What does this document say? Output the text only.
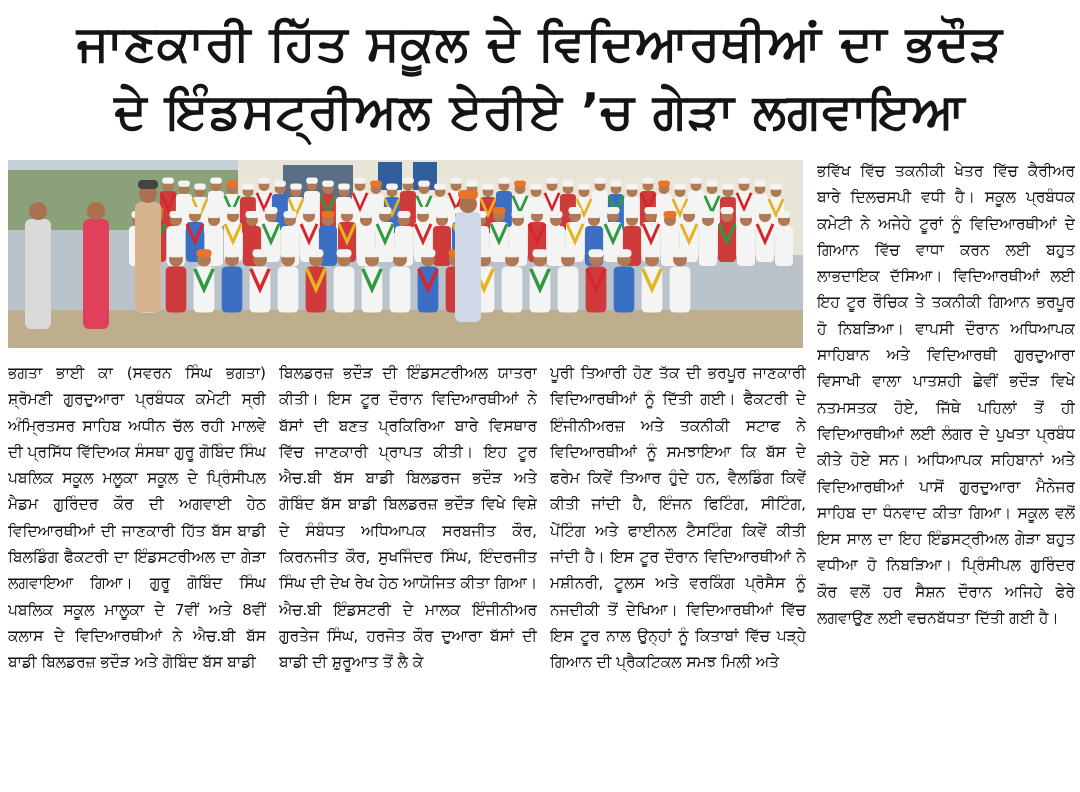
ਜਾਣਕਾਰੀ ਹਿੱਤ ਸਕੂਲ ਦੇ ਵਿਦਿਆਰਥੀਆਂ ਦਾ ਭਦੌੜ
ਦੇ ਇੰਡਸਟ੍ਰੀਅਲ ਏਰੀਏ ’ਚ ਗੇੜਾ ਲਗਵਾਇਆ

ਭਗਤਾ ਭਾਈ ਕਾ (ਸਵਰਨ ਸਿੰਘ ਭਗਤਾ) ਸ਼੍ਰੋਮਣੀ ਗੁਰਦੁਆਰਾ ਪ੍ਰਬੰਧਕ ਕਮੇਟੀ ਸ੍ਰੀ ਅੰਮ੍ਰਿਤਸਰ ਸਾਹਿਬ ਅਧੀਨ ਚੱਲ ਰਹੀ ਮਾਲਵੇ ਦੀ ਪ੍ਰਸਿੱਧ ਵਿੱਦਿਅਕ ਸੰਸਥਾ ਗੁਰੂ ਗੋਬਿੰਦ ਸਿੰਘ ਪਬਲਿਕ ਸਕੂਲ ਮਲੂਕਾ ਸਕੂਲ ਦੇ ਪ੍ਰਿੰਸੀਪਲ ਮੈਡਮ ਗੁਰਿੰਦਰ ਕੌਰ ਦੀ ਅਗਵਾਈ ਹੇਠ ਵਿਦਿਆਰਥੀਆਂ ਦੀ ਜਾਣਕਾਰੀ ਹਿੱਤ ਬੱਸ ਬਾਡੀ ਬਿਲਡਿੰਗ ਫੈਕਟਰੀ ਦਾ ਇੰਡਸਟਰੀਅਲ ਦਾ ਗੇੜਾ ਲਗਵਾਇਆ ਗਿਆ। ਗੁਰੂ ਗੋਬਿੰਦ ਸਿੰਘ ਪਬਲਿਕ ਸਕੂਲ ਮਾਲੂਕਾ ਦੇ 7ਵੀਂ ਅਤੇ 8ਵੀਂ ਕਲਾਸ ਦੇ ਵਿਦਿਆਰਥੀਆਂ ਨੇ ਐਚ.ਬੀ ਬੱਸ ਬਾਡੀ ਬਿਲਡਰਜ਼ ਭਦੌੜ ਅਤੇ ਗੋਬਿੰਦ ਬੱਸ ਬਾਡੀ

ਬਿਲਡਰਜ਼ ਭਦੌੜ ਦੀ ਇੰਡਸਟਰੀਅਲ ਯਾਤਰਾ ਕੀਤੀ। ਇਸ ਟੂਰ ਦੌਰਾਨ ਵਿਦਿਆਰਥੀਆਂ ਨੇ ਬੱਸਾਂ ਦੀ ਬਣਤ ਪ੍ਰਕਿਰਿਆ ਬਾਰੇ ਵਿਸਥਾਰ ਵਿੱਚ ਜਾਣਕਾਰੀ ਪ੍ਰਾਪਤ ਕੀਤੀ। ਇਹ ਟੂਰ ਐਚ.ਬੀ ਬੱਸ ਬਾਡੀ ਬਿਲਡਰਜ ਭਦੌੜ ਅਤੇ ਗੋਬਿੰਦ ਬੱਸ ਬਾਡੀ ਬਿਲਡਰਜ਼ ਭਦੌੜ ਵਿਖੇ ਵਿਸ਼ੇ ਦੇ ਸੰਬੰਧਤ ਅਧਿਆਪਕ ਸਰਬਜੀਤ ਕੌਰ, ਕਿਰਨਜੀਤ ਕੌਰ, ਸੁਖਜਿੰਦਰ ਸਿੰਘ, ਇੰਦਰਜੀਤ ਸਿੰਘ ਦੀ ਦੇਖ ਰੇਖ ਹੇਠ ਆਯੋਜਿਤ ਕੀਤਾ ਗਿਆ। ਐਚ.ਬੀ ਇੰਡਸਟਰੀ ਦੇ ਮਾਲਕ ਇੰਜੀਨੀਅਰ ਗੁਰਤੇਜ ਸਿੰਘ, ਹਰਜੋਤ ਕੌਰ ਦੁਆਰਾ ਬੱਸਾਂ ਦੀ ਬਾਡੀ ਦੀ ਸ਼ੁਰੂਆਤ ਤੋਂ ਲੈ ਕੇ

ਪੂਰੀ ਤਿਆਰੀ ਹੋਣ ਤੱਕ ਦੀ ਭਰਪੂਰ ਜਾਣਕਾਰੀ ਵਿਦਿਆਰਥੀਆਂ ਨੂੰ ਦਿੱਤੀ ਗਈ। ਫੈਕਟਰੀ ਦੇ ਇੰਜੀਨੀਅਰਜ਼ ਅਤੇ ਤਕਨੀਕੀ ਸਟਾਫ ਨੇ ਵਿਦਿਆਰਥੀਆਂ ਨੂੰ ਸਮਝਾਇਆ ਕਿ ਬੱਸ ਦੇ ਫਰੇਮ ਕਿਵੇਂ ਤਿਆਰ ਹੁੰਦੇ ਹਨ, ਵੈਲਡਿੰਗ ਕਿਵੇਂ ਕੀਤੀ ਜਾਂਦੀ ਹੈ, ਇੰਜਨ ਫਿਟਿੰਗ, ਸੀਟਿੰਗ, ਪੇਂਟਿੰਗ ਅਤੇ ਫਾਈਨਲ ਟੈਸਟਿੰਗ ਕਿਵੇਂ ਕੀਤੀ ਜਾਂਦੀ ਹੈ। ਇਸ ਟੂਰ ਦੌਰਾਨ ਵਿਦਿਆਰਥੀਆਂ ਨੇ ਮਸ਼ੀਨਰੀ, ਟੂਲਸ ਅਤੇ ਵਰਕਿੰਗ ਪ੍ਰੋਸੈਸ ਨੂੰ ਨਜਦੀਕੀ ਤੋਂ ਦੇਖਿਆ। ਵਿਦਿਆਰਥੀਆਂ ਵਿੱਚ ਇਸ ਟੂਰ ਨਾਲ ਉਨ੍ਹਾਂ ਨੂੰ ਕਿਤਾਬਾਂ ਵਿੱਚ ਪੜ੍ਹੇ ਗਿਆਨ ਦੀ ਪ੍ਰੈਕਟਿਕਲ ਸਮਝ ਮਿਲੀ ਅਤੇ

ਭਵਿੱਖ ਵਿੱਚ ਤਕਨੀਕੀ ਖੇਤਰ ਵਿੱਚ ਕੈਰੀਅਰ ਬਾਰੇ ਦਿਲਚਸਪੀ ਵਧੀ ਹੈ। ਸਕੂਲ ਪ੍ਰਬੰਧਕ ਕਮੇਟੀ ਨੇ ਅਜੇਹੇ ਟੂਰਾਂ ਨੂੰ ਵਿਦਿਆਰਥੀਆਂ ਦੇ ਗਿਆਨ ਵਿੱਚ ਵਾਧਾ ਕਰਨ ਲਈ ਬਹੁਤ ਲਾਭਦਾਇਕ ਦੱਸਿਆ। ਵਿਦਿਆਰਥੀਆਂ ਲਈ ਇਹ ਟੂਰ ਰੌਚਿਕ ਤੇ ਤਕਨੀਕੀ ਗਿਆਨ ਭਰਪੂਰ ਹੋ ਨਿਬੜਿਆ। ਵਾਪਸੀ ਦੌਰਾਨ ਅਧਿਆਪਕ ਸਾਹਿਬਾਨ ਅਤੇ ਵਿਦਿਆਰਥੀ ਗੁਰਦੁਆਰਾ ਵਿਸਾਖੀ ਵਾਲਾ ਪਾਤਸ਼ਹੀ ਛੇਵੀਂ ਭਦੌੜ ਵਿਖੇ ਨਤਮਸਤਕ ਹੋਏ, ਜਿੱਥੇ ਪਹਿਲਾਂ ਤੋਂ ਹੀ ਵਿਦਿਆਰਥੀਆਂ ਲਈ ਲੰਗਰ ਦੇ ਪੁਖਤਾ ਪ੍ਰਬੰਧ ਕੀਤੇ ਹੋਏ ਸਨ। ਅਧਿਆਪਕ ਸਹਿਬਾਨਾਂ ਅਤੇ ਵਿਦਿਆਰਥੀਆਂ ਪਾਸੋਂ ਗੁਰਦੁਆਰਾ ਮੈਨੇਜਰ ਸਾਹਿਬ ਦਾ ਧੰਨਵਾਦ ਕੀਤਾ ਗਿਆ। ਸਕੂਲ ਵਲੋਂ ਇਸ ਸਾਲ ਦਾ ਇਹ ਇੰਡਸਟ੍ਰੀਅਲ ਗੇੜਾ ਬਹੁਤ ਵਧੀਆ ਹੋ ਨਿਬੜਿਆ। ਪ੍ਰਿੰਸੀਪਲ ਗੁਰਿੰਦਰ ਕੌਰ ਵਲੋਂ ਹਰ ਸੈਸ਼ਨ ਦੌਰਾਨ ਅਜਿਹੇ ਫੇਰੇ ਲਗਵਾਉਣ ਲਈ ਵਚਨਬੱਧਤਾ ਦਿੱਤੀ ਗਈ ਹੈ।
